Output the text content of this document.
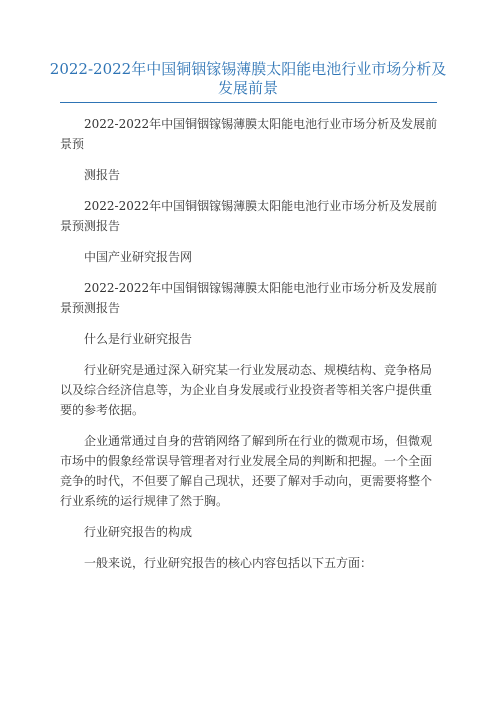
2022-2022年中国铜铟镓锡薄膜太阳能电池行业市场分析及发展前景

2022-2022年中国铜铟镓锡薄膜太阳能电池行业市场分析及发展前景预

测报告

2022-2022年中国铜铟镓锡薄膜太阳能电池行业市场分析及发展前景预测报告

中国产业研究报告网

2022-2022年中国铜铟镓锡薄膜太阳能电池行业市场分析及发展前景预测报告

什么是行业研究报告

行业研究是通过深入研究某一行业发展动态、规模结构、竞争格局以及综合经济信息等，为企业自身发展或行业投资者等相关客户提供重要的参考依据。

企业通常通过自身的营销网络了解到所在行业的微观市场，但微观市场中的假象经常误导管理者对行业发展全局的判断和把握。一个全面竞争的时代，不但要了解自己现状，还要了解对手动向，更需要将整个行业系统的运行规律了然于胸。

行业研究报告的构成

一般来说，行业研究报告的核心内容包括以下五方面：
